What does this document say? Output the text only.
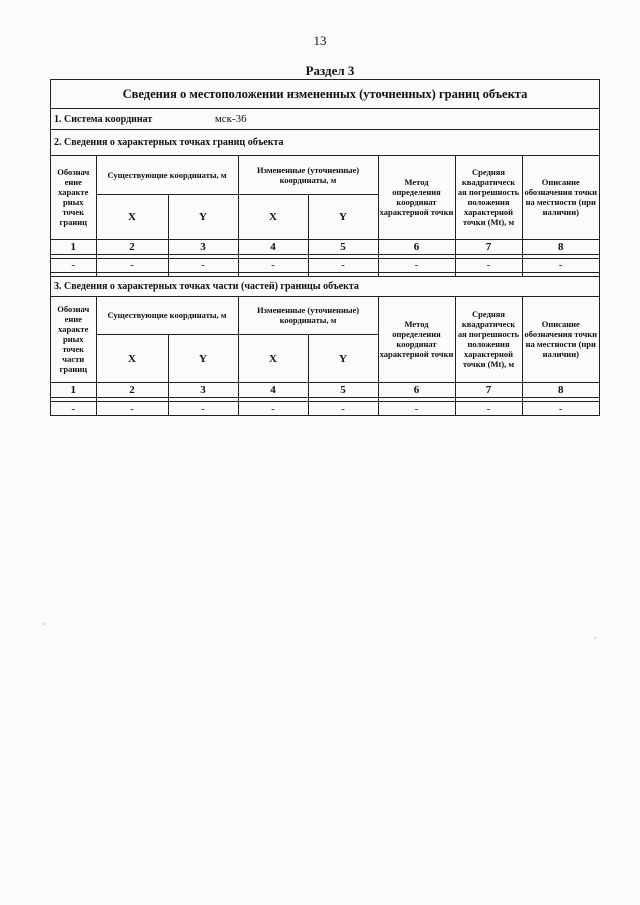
13
Раздел 3
Сведения о местоположении измененных (уточненных) границ объекта
1. Система координат	мск-36
2. Сведения о характерных точках границ объекта
Обознач ение характе рных точек границ	Существующие координаты, м		Измененные (уточненные) координаты, м		Метод определения координат характерной точки	Средняя квадратическ ая погрешность положения характерной точки (Mt), м	Описание обозначения точки на местности (при наличии)
	X	Y	X	Y			
1	2	3	4	5	6	7	8

-	-	-	-	-	-	-	-

3. Сведения о характерных точках части (частей) границы объекта
Обознач ение характе рных точек части границ	Существующие координаты, м		Измененные (уточненные) координаты, м		Метод определения координат характерной точки	Средняя квадратическ ая погрешность положения характерной точки (Mt), м	Описание обозначения точки на местности (при наличии)
	X	Y	X	Y			
1	2	3	4	5	6	7	8

-	-	-	-	-	-	-	-
·
·
